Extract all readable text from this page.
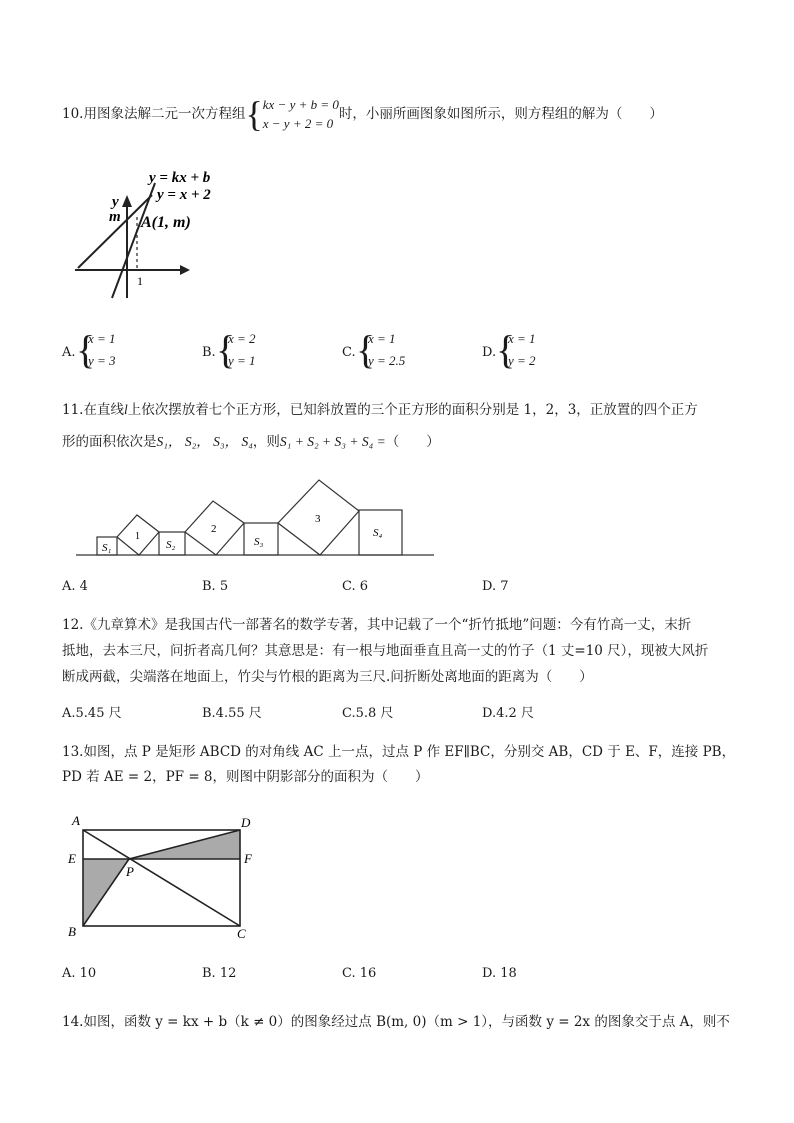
10.用图象法解二元一次方程组{kx − y + b = 0
x − y + 2 = 0时，小丽所画图象如图所示，则方程组的解为（　　）
y = kx + b
y = x + 2
y
m A(1, m)
1
A. {
x = 1
y = 3
B. {
x = 2
y = 1
C. {
x = 1
y = 2.5
D. {
x = 1
y = 2
11.在直线l上依次摆放着七个正方形，已知斜放置的三个正方形的面积分别是 1，2，3，正放置的四个正方
形的面积依次是S₁， S₂， S₃， S₄，则S₁ + S₂ + S₃ + S₄ =（　　）
S₁
1
S₂
2
S₃
3
S₄
A. 4	B. 5	C. 6	D. 7
12.《九章算术》是我国古代一部著名的数学专著，其中记载了一个“折竹抵地”问题：今有竹高一丈，末折
抵地，去本三尺，问折者高几何？其意思是：有一根与地面垂直且高一丈的竹子（1 丈=10 尺），现被大风折
断成两截，尖端落在地面上，竹尖与竹根的距离为三尺.问折断处离地面的距离为（　　）
A.5.45 尺	B.4.55 尺	C.5.8 尺	D.4.2 尺
13.如图，点 P 是矩形 ABCD 的对角线 AC 上一点，过点 P 作 EF∥BC，分别交 AB，CD 于 E、F，连接 PB，
PD 若 AE = 2，PF = 8，则图中阴影部分的面积为（　　）
A	D
E	F
P
B	C
A. 10	B. 12	C. 16	D. 18
14.如图，函数 y = kx + b（k ≠ 0）的图象经过点 B(m, 0)（m > 1），与函数 y = 2x 的图象交于点 A，则不
